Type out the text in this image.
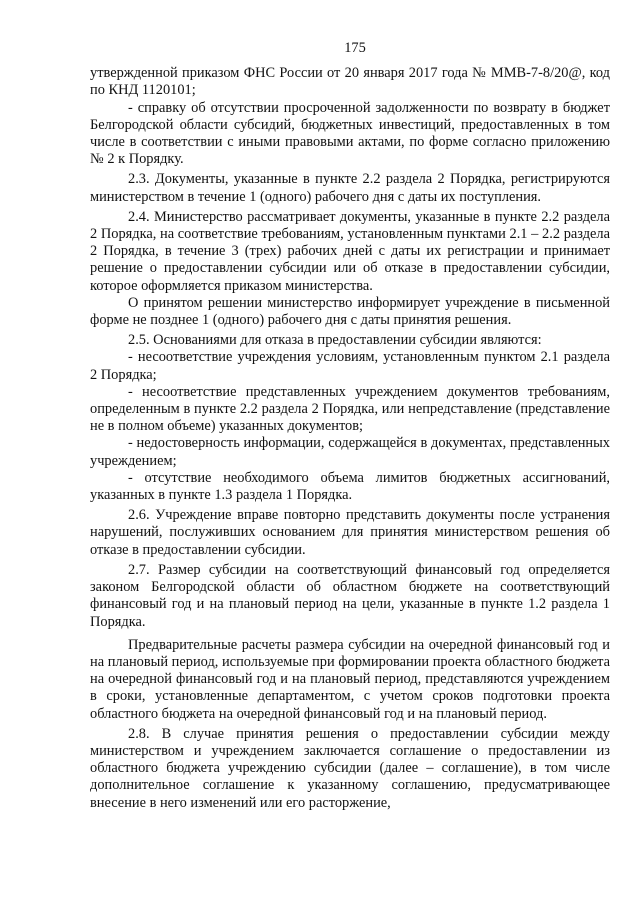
175

утвержденной приказом ФНС России от 20 января 2017 года № ММВ-7-8/20@, код по КНД 1120101;

- справку об отсутствии просроченной задолженности по возврату в бюджет Белгородской области субсидий, бюджетных инвестиций, предоставленных в том числе в соответствии с иными правовыми актами, по форме согласно приложению № 2 к Порядку.

2.3. Документы, указанные в пункте 2.2 раздела 2 Порядка, регистрируются министерством в течение 1 (одного) рабочего дня с даты их поступления.

2.4. Министерство рассматривает документы, указанные в пункте 2.2 раздела 2 Порядка, на соответствие требованиям, установленным пунктами 2.1 – 2.2 раздела 2 Порядка, в течение 3 (трех) рабочих дней с даты их регистрации и принимает решение о предоставлении субсидии или об отказе в предоставлении субсидии, которое оформляется приказом министерства.

О принятом решении министерство информирует учреждение в письменной форме не позднее 1 (одного) рабочего дня с даты принятия решения.

2.5. Основаниями для отказа в предоставлении субсидии являются:

- несоответствие учреждения условиям, установленным пунктом 2.1 раздела 2 Порядка;

- несоответствие представленных учреждением документов требованиям, определенным в пункте 2.2 раздела 2 Порядка, или непредставление (представление не в полном объеме) указанных документов;

- недостоверность информации, содержащейся в документах, представленных учреждением;

- отсутствие необходимого объема лимитов бюджетных ассигнований, указанных в пункте 1.3 раздела 1 Порядка.

2.6. Учреждение вправе повторно представить документы после устранения нарушений, послуживших основанием для принятия министерством решения об отказе в предоставлении субсидии.

2.7. Размер субсидии на соответствующий финансовый год определяется законом Белгородской области об областном бюджете на соответствующий финансовый год и на плановый период на цели, указанные в пункте 1.2 раздела 1 Порядка.

Предварительные расчеты размера субсидии на очередной финансовый год и на плановый период, используемые при формировании проекта областного бюджета на очередной финансовый год и на плановый период, представляются учреждением в сроки, установленные департаментом, с учетом сроков подготовки проекта областного бюджета на очередной финансовый год и на плановый период.

2.8. В случае принятия решения о предоставлении субсидии между министерством и учреждением заключается соглашение о предоставлении из областного бюджета учреждению субсидии (далее – соглашение), в том числе дополнительное соглашение к указанному соглашению, предусматривающее внесение в него изменений или его расторжение,
